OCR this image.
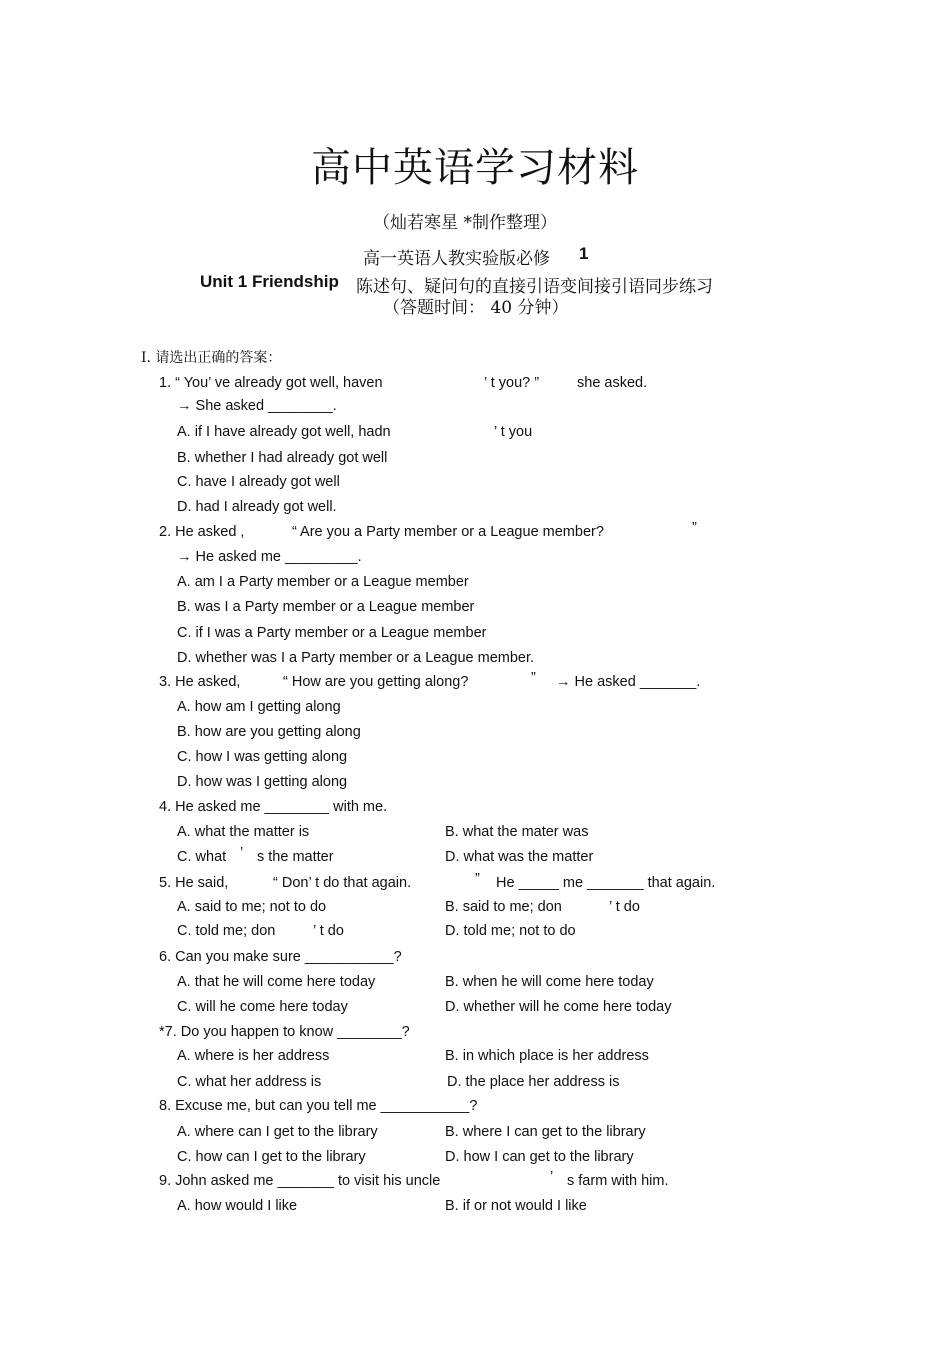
高中英语学习材料
（灿若寒星 *制作整理）
高一英语人教实验版必修 1
Unit 1 Friendship 陈述句、疑问句的直接引语变间接引语同步练习
（答题时间： 40 分钟）
I. 请选出正确的答案：
1. “ You’ ve already got well, haven	’ t you? ”	she asked.
→ She asked ________.
A. if I have already got well, hadn	’ t you
B. whether I had already got well
C. have I already got well
D. had I already got well.
2. He asked ,	“ Are you a Party member or a League member?	”
→ He asked me _________.
A. am I a Party member or a League member
B. was I a Party member or a League member
C. if I was a Party member or a League member
D. whether was I a Party member or a League member.
3. He asked,	“ How are you getting along?	” → He asked _______.
A. how am I getting along
B. how are you getting along
C. how I was getting along
D. how was I getting along
4. He asked me ________ with me.
A. what the matter is	B. what the mater was
C. what ’ s the matter	D. what was the matter
5. He said,	“ Don’ t do that again.	” He _____ me _______ that again.
A. said to me; not to do	B. said to me; don	’ t do
C. told me; don	’ t do	D. told me; not to do
6. Can you make sure ___________?
A. that he will come here today	B. when he will come here today
C. will he come here today	D. whether will he come here today
*7. Do you happen to know ________?
A. where is her address	B. in which place is her address
C. what her address is	D. the place her address is
8. Excuse me, but can you tell me ___________?
A. where can I get to the library	B. where I can get to the library
C. how can I get to the library	D. how I can get to the library
9. John asked me _______ to visit his uncle	’ s farm with him.
A. how would I like	B. if or not would I like
